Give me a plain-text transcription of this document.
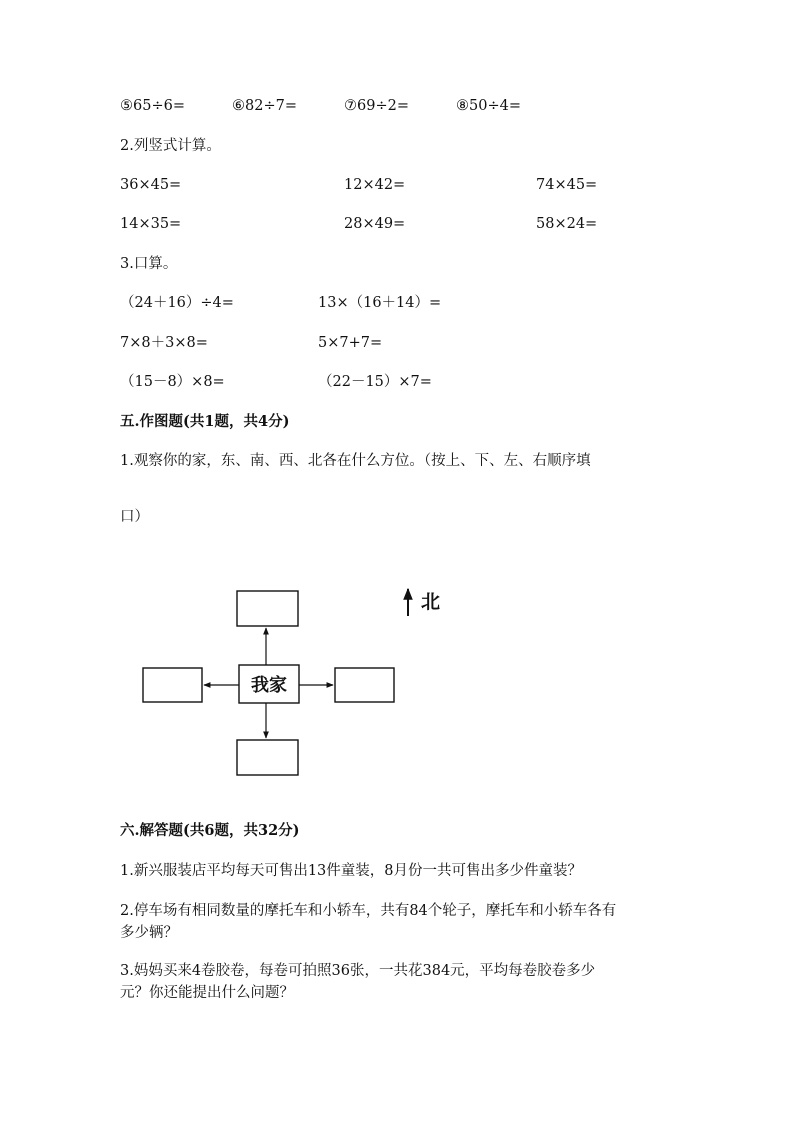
⑤65÷6=	⑥82÷7=	⑦69÷2=	⑧50÷4=
2.列竖式计算。
36×45=	12×42=	74×45=
14×35=	28×49=	58×24=
3.口算。
（24＋16）÷4=	13×（16＋14）=
7×8＋3×8=	5×7+7=
（15－8）×8=	（22－15）×7=
五.作图题(共1题，共4分)
1.观察你的家，东、南、西、北各在什么方位。（按上、下、左、右顺序填
口）
我家
北
六.解答题(共6题，共32分)
1.新兴服装店平均每天可售出13件童装，8月份一共可售出多少件童装？
2.停车场有相同数量的摩托车和小轿车，共有84个轮子，摩托车和小轿车各有
多少辆？
3.妈妈买来4卷胶卷，每卷可拍照36张，一共花384元，平均每卷胶卷多少
元？你还能提出什么问题？
